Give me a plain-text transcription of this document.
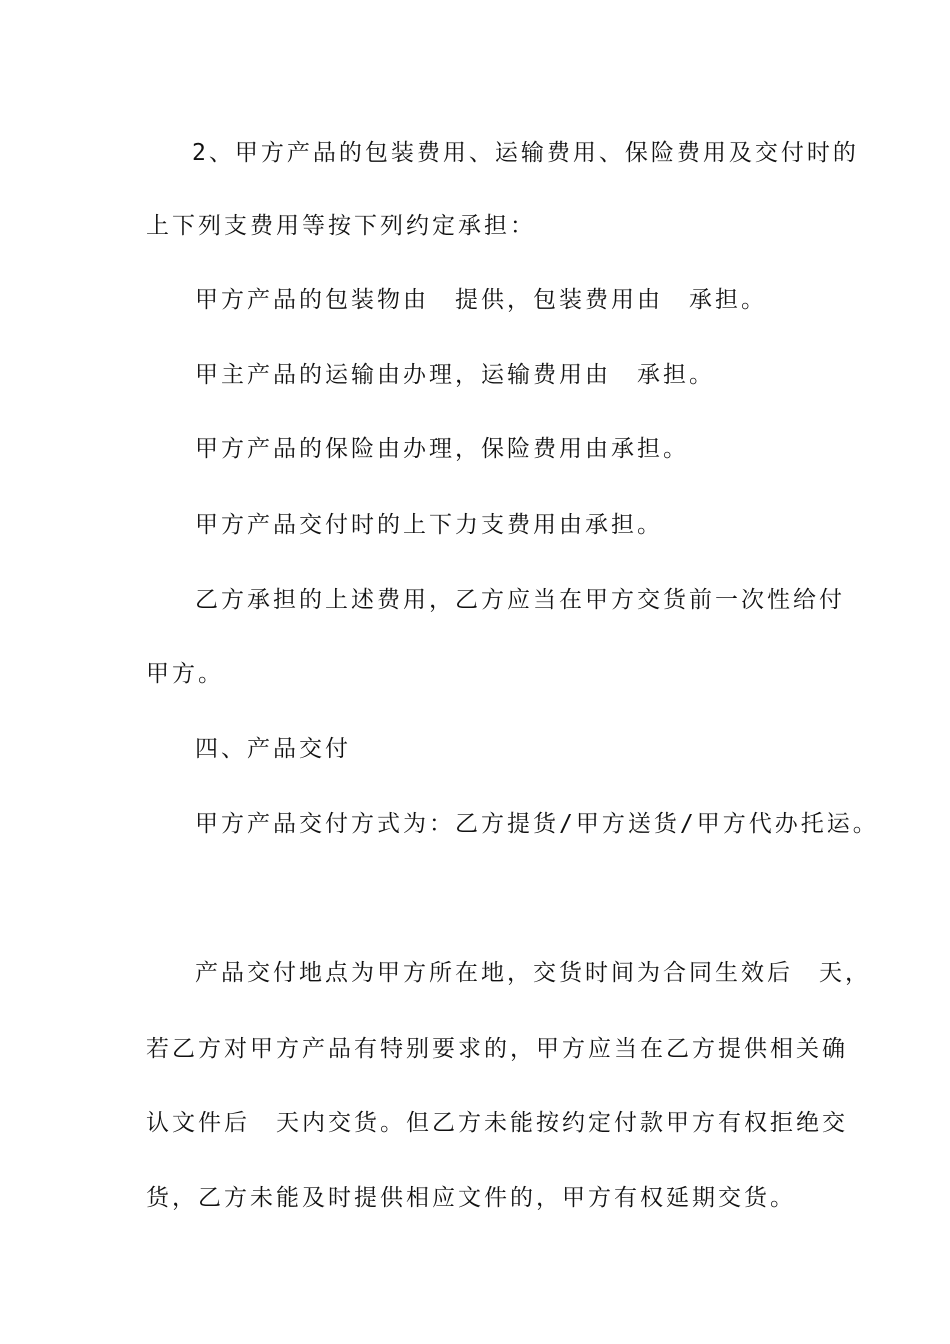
2、甲方产品的包装费用、运输费用、保险费用及交付时的
上下列支费用等按下列约定承担：
甲方产品的包装物由　提供，包装费用由　承担。
甲主产品的运输由办理，运输费用由　承担。
甲方产品的保险由办理，保险费用由承担。
甲方产品交付时的上下力支费用由承担。
乙方承担的上述费用，乙方应当在甲方交货前一次性给付
甲方。
四、产品交付
甲方产品交付方式为：乙方提货/甲方送货/甲方代办托运。
产品交付地点为甲方所在地，交货时间为合同生效后　天，
若乙方对甲方产品有特别要求的，甲方应当在乙方提供相关确
认文件后　天内交货。但乙方未能按约定付款甲方有权拒绝交
货，乙方未能及时提供相应文件的，甲方有权延期交货。
